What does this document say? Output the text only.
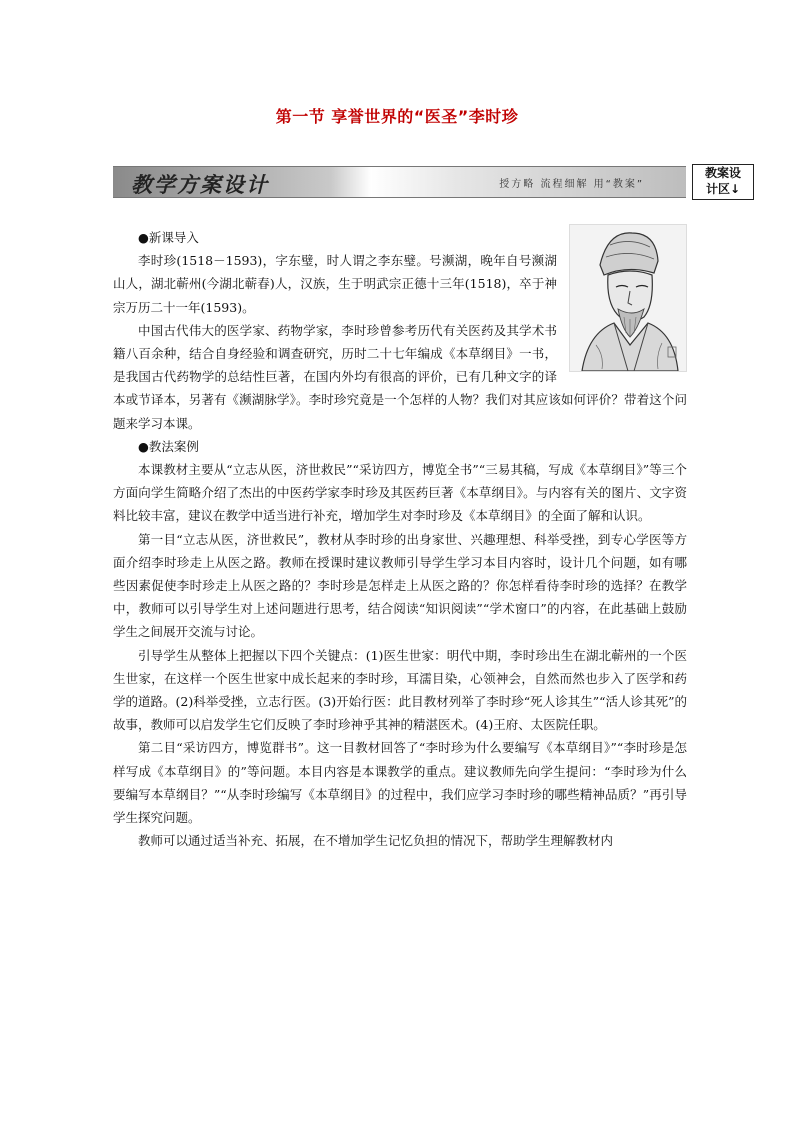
第一节 享誉世界的“医圣”李时珍
教学方案设计	授方略 流程细解 用“教案”
教案设
计区↓

● 新课导入

李时珍(1518－1593)，字东璧，时人谓之李东璧。号濒湖，晚年自号濒湖山人，湖北蕲州(今湖北蕲春)人，汉族，生于明武宗正德十三年(1518)，卒于神宗万历二十一年(1593)。

中国古代伟大的医学家、药物学家，李时珍曾参考历代有关医药及其学术书籍八百余种，结合自身经验和调查研究，历时二十七年编成《本草纲目》一书，是我国古代药物学的总结性巨著，在国内外均有很高的评价，已有几种文字的译本或节译本，另著有《濒湖脉学》。李时珍究竟是一个怎样的人物？我们对其应该如何评价？带着这个问题来学习本课。

● 教法案例

本课教材主要从“立志从医，济世救民”“采访四方，博览全书”“三易其稿，写成《本草纲目》”等三个方面向学生简略介绍了杰出的中医药学家李时珍及其医药巨著《本草纲目》。与内容有关的图片、文字资料比较丰富，建议在教学中适当进行补充，增加学生对李时珍及《本草纲目》的全面了解和认识。

第一目“立志从医，济世救民”，教材从李时珍的出身家世、兴趣理想、科举受挫，到专心学医等方面介绍李时珍走上从医之路。教师在授课时建议教师引导学生学习本目内容时，设计几个问题，如有哪些因素促使李时珍走上从医之路的？李时珍是怎样走上从医之路的？你怎样看待李时珍的选择？在教学中，教师可以引导学生对上述问题进行思考，结合阅读“知识阅读”“学术窗口”的内容，在此基础上鼓励学生之间展开交流与讨论。

引导学生从整体上把握以下四个关键点：(1)医生世家：明代中期，李时珍出生在湖北蕲州的一个医生世家，在这样一个医生世家中成长起来的李时珍，耳濡目染，心领神会，自然而然也步入了医学和药学的道路。(2)科举受挫，立志行医。(3)开始行医：此目教材列举了李时珍“死人诊其生”“活人诊其死”的故事，教师可以启发学生它们反映了李时珍神乎其神的精湛医术。(4)王府、太医院任职。

第二目“采访四方，博览群书”。这一目教材回答了“李时珍为什么要编写《本草纲目》”“李时珍是怎样写成《本草纲目》的”等问题。本目内容是本课教学的重点。建议教师先向学生提问：“李时珍为什么要编写本草纲目？”“从李时珍编写《本草纲目》的过程中，我们应学习李时珍的哪些精神品质？”再引导学生探究问题。

教师可以通过适当补充、拓展，在不增加学生记忆负担的情况下，帮助学生理解教材内
